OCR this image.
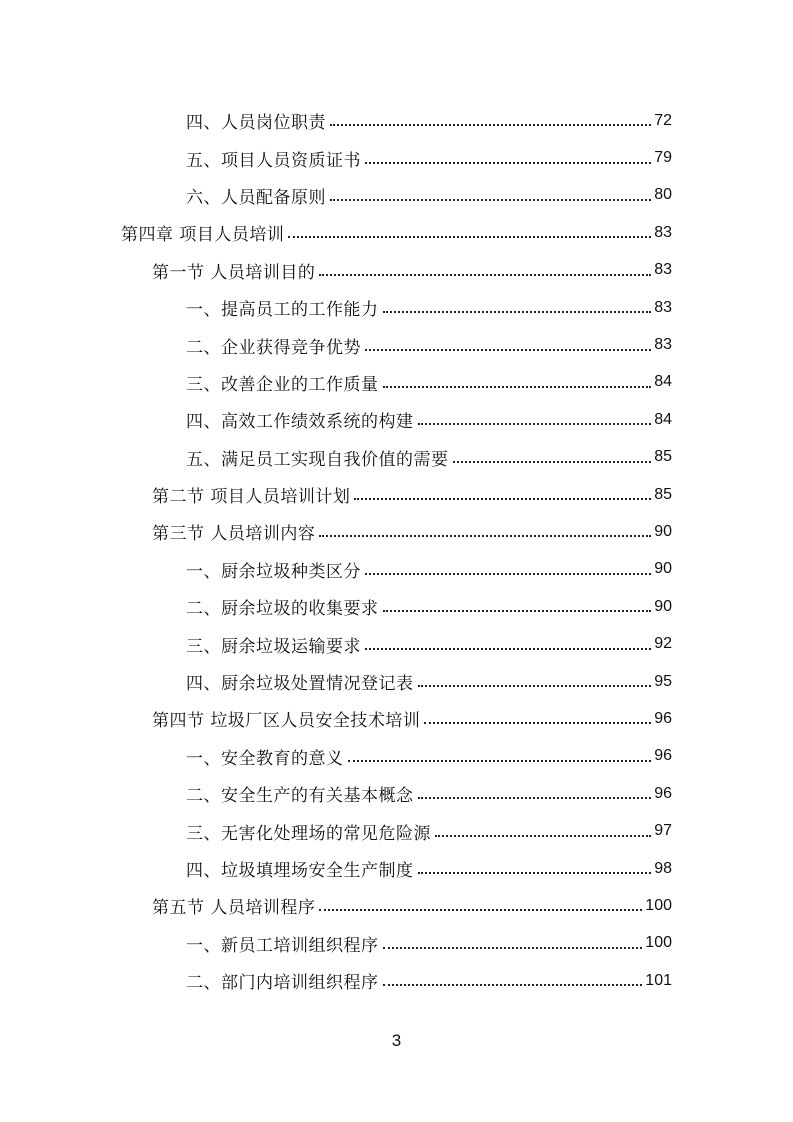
四、人员岗位职责	72
五、项目人员资质证书	79
六、人员配备原则	80
第四章 项目人员培训	83
第一节 人员培训目的	83
一、提高员工的工作能力	83
二、企业获得竞争优势	83
三、改善企业的工作质量	84
四、高效工作绩效系统的构建	84
五、满足员工实现自我价值的需要	85
第二节 项目人员培训计划	85
第三节 人员培训内容	90
一、厨余垃圾种类区分	90
二、厨余垃圾的收集要求	90
三、厨余垃圾运输要求	92
四、厨余垃圾处置情况登记表	95
第四节 垃圾厂区人员安全技术培训	96
一、安全教育的意义	96
二、安全生产的有关基本概念	96
三、无害化处理场的常见危险源	97
四、垃圾填埋场安全生产制度	98
第五节 人员培训程序	100
一、新员工培训组织程序	100
二、部门内培训组织程序	101
3
